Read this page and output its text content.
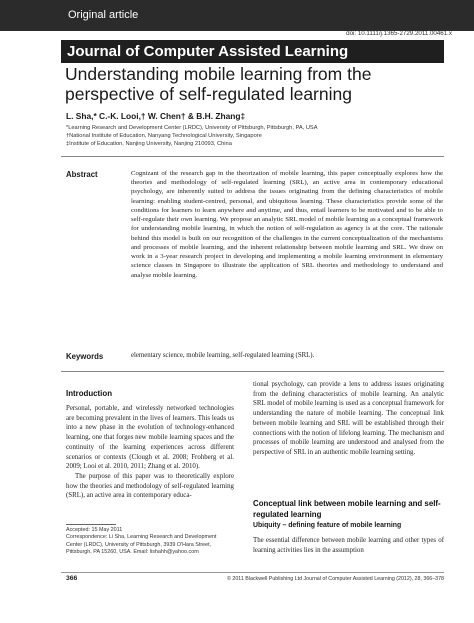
Original article
doi: 10.1111/j.1365-2729.2011.00461.x
Journal of Computer Assisted Learning
Understanding mobile learning from the perspective of self-regulated learning
L. Sha,* C.-K. Looi,† W. Chen† & B.H. Zhang‡
*Learning Research and Development Center (LRDC), University of Pittsburgh, Pittsburgh, PA, USA
†National Institute of Education, Nanyang Technological University, Singapore
‡Institute of Education, Nanjing University, Nanjing 210093, China
Abstract	Cognizant of the research gap in the theorization of mobile learning, this paper conceptually explores how the theories and methodology of self-regulated learning (SRL), an active area in contemporary educational psychology, are inherently suited to address the issues originating from the defining characteristics of mobile learning: enabling student-centred, personal, and ubiquitous learning. These characteristics provide some of the conditions for learners to learn anywhere and anytime, and thus, entail learners to be motivated and to be able to self-regulate their own learning. We propose an analytic SRL model of mobile learning as a conceptual framework for understanding mobile learning, in which the notion of self-regulation as agency is at the core. The rationale behind this model is built on our recognition of the challenges in the current conceptualization of the mechanisms and processes of mobile learning, and the inherent relationship between mobile learning and SRL. We draw on work in a 3-year research project in developing and implementing a mobile learning environment in elementary science classes in Singapore to illustrate the application of SRL theories and methodology to understand and analyse mobile learning.
Keywords	elementary science, mobile learning, self-regulated learning (SRL).
Introduction

Personal, portable, and wirelessly networked technologies are becoming prevalent in the lives of learners. This leads us into a new phase in the evolution of technology-enhanced learning, one that forges new mobile learning spaces and the continuity of the learning experiences across different scenarios or contexts (Clough et al. 2008; Frohberg et al. 2009; Looi et al. 2010, 2011; Zhang et al. 2010).

The purpose of this paper was to theoretically explore how the theories and methodology of self-regulated learning (SRL), an active area in contemporary educa-

Accepted: 15 May 2011
Correspondence: Li Sha, Learning Research and Development Center (LRDC), University of Pittsburgh, 3939 O'Hara Street, Pittsburgh, PA 15260, USA. Email: lishahh@yahoo.com

tional psychology, can provide a lens to address issues originating from the defining characteristics of mobile learning. An analytic SRL model of mobile learning is used as a conceptual framework for understanding the nature of mobile learning. The conceptual link between mobile learning and SRL will be established through their connections with the notion of lifelong learning. The mechanism and processes of mobile learning are understood and analysed from the perspective of SRL in an authentic mobile learning setting.

Conceptual link between mobile learning and self-regulated learning
Ubiquity – defining feature of mobile learning
The essential difference between mobile learning and other types of learning activities lies in the assumption
366	© 2011 Blackwell Publishing Ltd Journal of Computer Assisted Learning (2012), 28, 366–378
